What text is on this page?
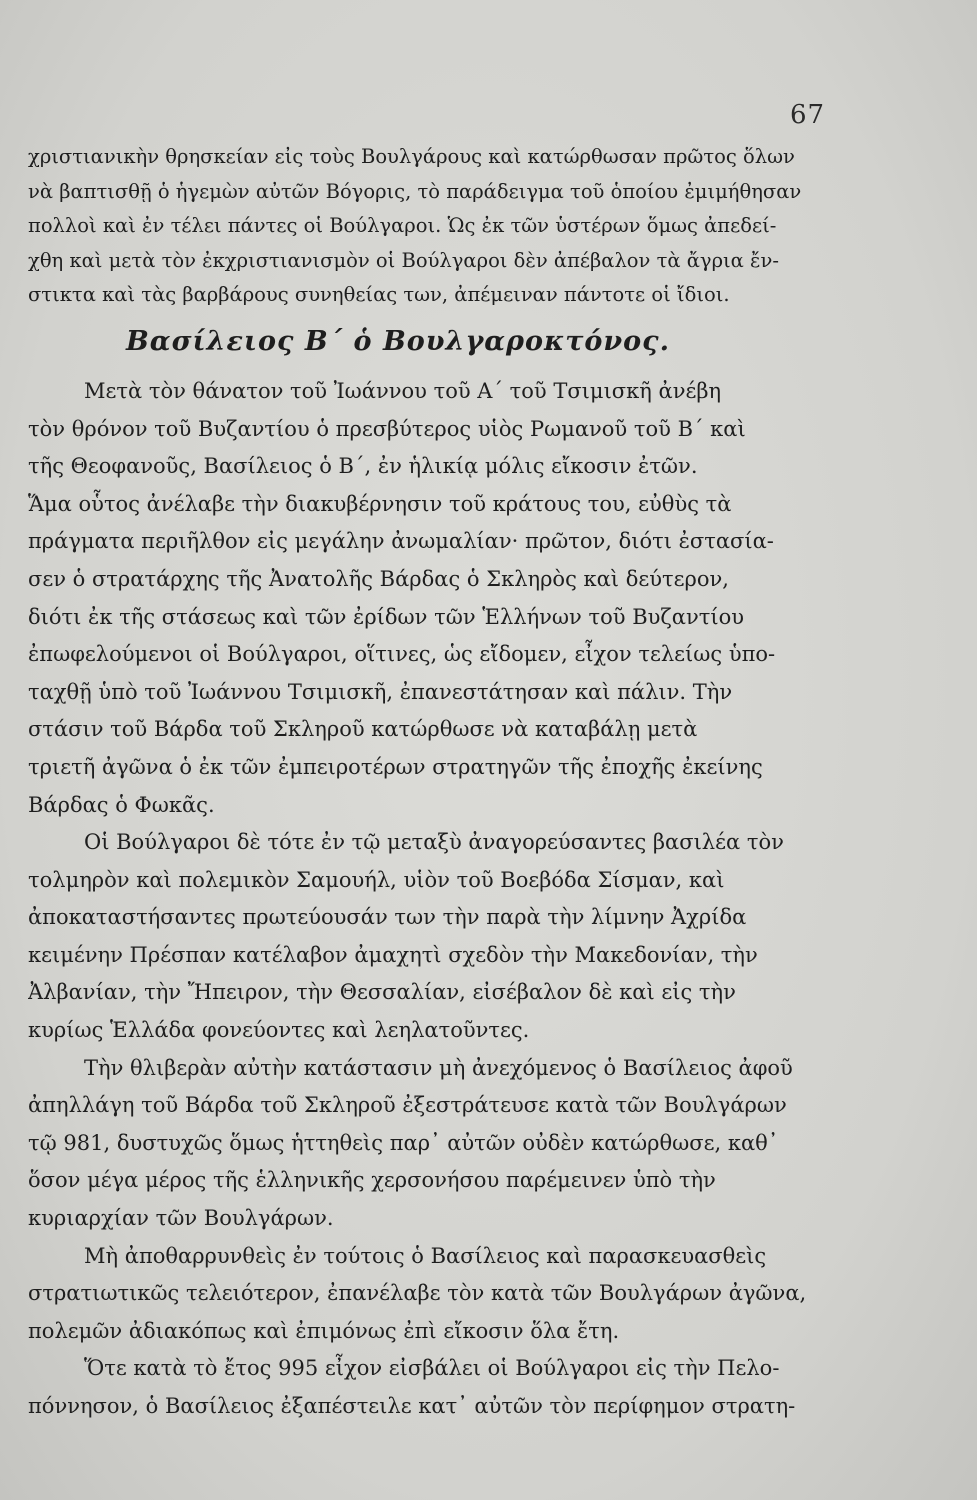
67
χριστιανικὴν θρησκείαν εἰς τοὺς Βουλγάρους καὶ κατώρθωσαν πρῶτος ὅλων
νὰ βαπτισθῇ ὁ ἡγεμὼν αὐτῶν Βόγορις, τὸ παράδειγμα τοῦ ὁποίου ἐμιμήθησαν
πολλοὶ καὶ ἐν τέλει πάντες οἱ Βούλγαροι. Ὡς ἐκ τῶν ὑστέρων ὅμως ἀπεδεί-
χθη καὶ μετὰ τὸν ἐκχριστιανισμὸν οἱ Βούλγαροι δὲν ἀπέβαλον τὰ ἄγρια ἔν-
στικτα καὶ τὰς βαρβάρους συνηθείας των, ἀπέμειναν πάντοτε οἱ ἴδιοι.
Βασίλειος Β΄ ὁ Βουλγαροκτόνος.
Μετὰ τὸν θάνατον τοῦ Ἰωάννου τοῦ Α΄ τοῦ Τσιμισκῆ ἀνέβη
τὸν θρόνον τοῦ Βυζαντίου ὁ πρεσβύτερος υἱὸς Ρωμανοῦ τοῦ Β΄ καὶ
τῆς Θεοφανοῦς, Βασίλειος ὁ Β΄, ἐν ἡλικίᾳ μόλις εἴκοσιν ἐτῶν.
Ἅμα οὗτος ἀνέλαβε τὴν διακυβέρνησιν τοῦ κράτους του, εὐθὺς τὰ
πράγματα περιῆλθον εἰς μεγάλην ἀνωμαλίαν· πρῶτον, διότι ἐστασία-
σεν ὁ στρατάρχης τῆς Ἀνατολῆς Βάρδας ὁ Σκληρὸς καὶ δεύτερον,
διότι ἐκ τῆς στάσεως καὶ τῶν ἐρίδων τῶν Ἑλλήνων τοῦ Βυζαντίου
ἐπωφελούμενοι οἱ Βούλγαροι, οἵτινες, ὡς εἴδομεν, εἶχον τελείως ὑπο-
ταχθῇ ὑπὸ τοῦ Ἰωάννου Τσιμισκῆ, ἐπανεστάτησαν καὶ πάλιν. Τὴν
στάσιν τοῦ Βάρδα τοῦ Σκληροῦ κατώρθωσε νὰ καταβάλῃ μετὰ
τριετῆ ἀγῶνα ὁ ἐκ τῶν ἐμπειροτέρων στρατηγῶν τῆς ἐποχῆς ἐκείνης
Βάρδας ὁ Φωκᾶς.
Οἱ Βούλγαροι δὲ τότε ἐν τῷ μεταξὺ ἀναγορεύσαντες βασιλέα τὸν
τολμηρὸν καὶ πολεμικὸν Σαμουήλ, υἱὸν τοῦ Βοεβόδα Σίσμαν, καὶ
ἀποκαταστήσαντες πρωτεύουσάν των τὴν παρὰ τὴν λίμνην Ἀχρίδα
κειμένην Πρέσπαν κατέλαβον ἀμαχητὶ σχεδὸν τὴν Μακεδονίαν, τὴν
Ἀλβανίαν, τὴν Ἤπειρον, τὴν Θεσσαλίαν, εἰσέβαλον δὲ καὶ εἰς τὴν
κυρίως Ἑλλάδα φονεύοντες καὶ λεηλατοῦντες.
Τὴν θλιβερὰν αὐτὴν κατάστασιν μὴ ἀνεχόμενος ὁ Βασίλειος ἀφοῦ
ἀπηλλάγη τοῦ Βάρδα τοῦ Σκληροῦ ἐξεστράτευσε κατὰ τῶν Βουλγάρων
τῷ 981, δυστυχῶς ὅμως ἡττηθεὶς παρ᾽ αὐτῶν οὐδὲν κατώρθωσε, καθ᾽
ὅσον μέγα μέρος τῆς ἑλληνικῆς χερσονήσου παρέμεινεν ὑπὸ τὴν
κυριαρχίαν τῶν Βουλγάρων.
Μὴ ἀποθαρρυνθεὶς ἐν τούτοις ὁ Βασίλειος καὶ παρασκευασθεὶς
στρατιωτικῶς τελειότερον, ἐπανέλαβε τὸν κατὰ τῶν Βουλγάρων ἀγῶνα,
πολεμῶν ἀδιακόπως καὶ ἐπιμόνως ἐπὶ εἴκοσιν ὅλα ἔτη.
Ὅτε κατὰ τὸ ἔτος 995 εἶχον εἰσβάλει οἱ Βούλγαροι εἰς τὴν Πελο-
πόννησον, ὁ Βασίλειος ἐξαπέστειλε κατ᾽ αὐτῶν τὸν περίφημον στρατη-
